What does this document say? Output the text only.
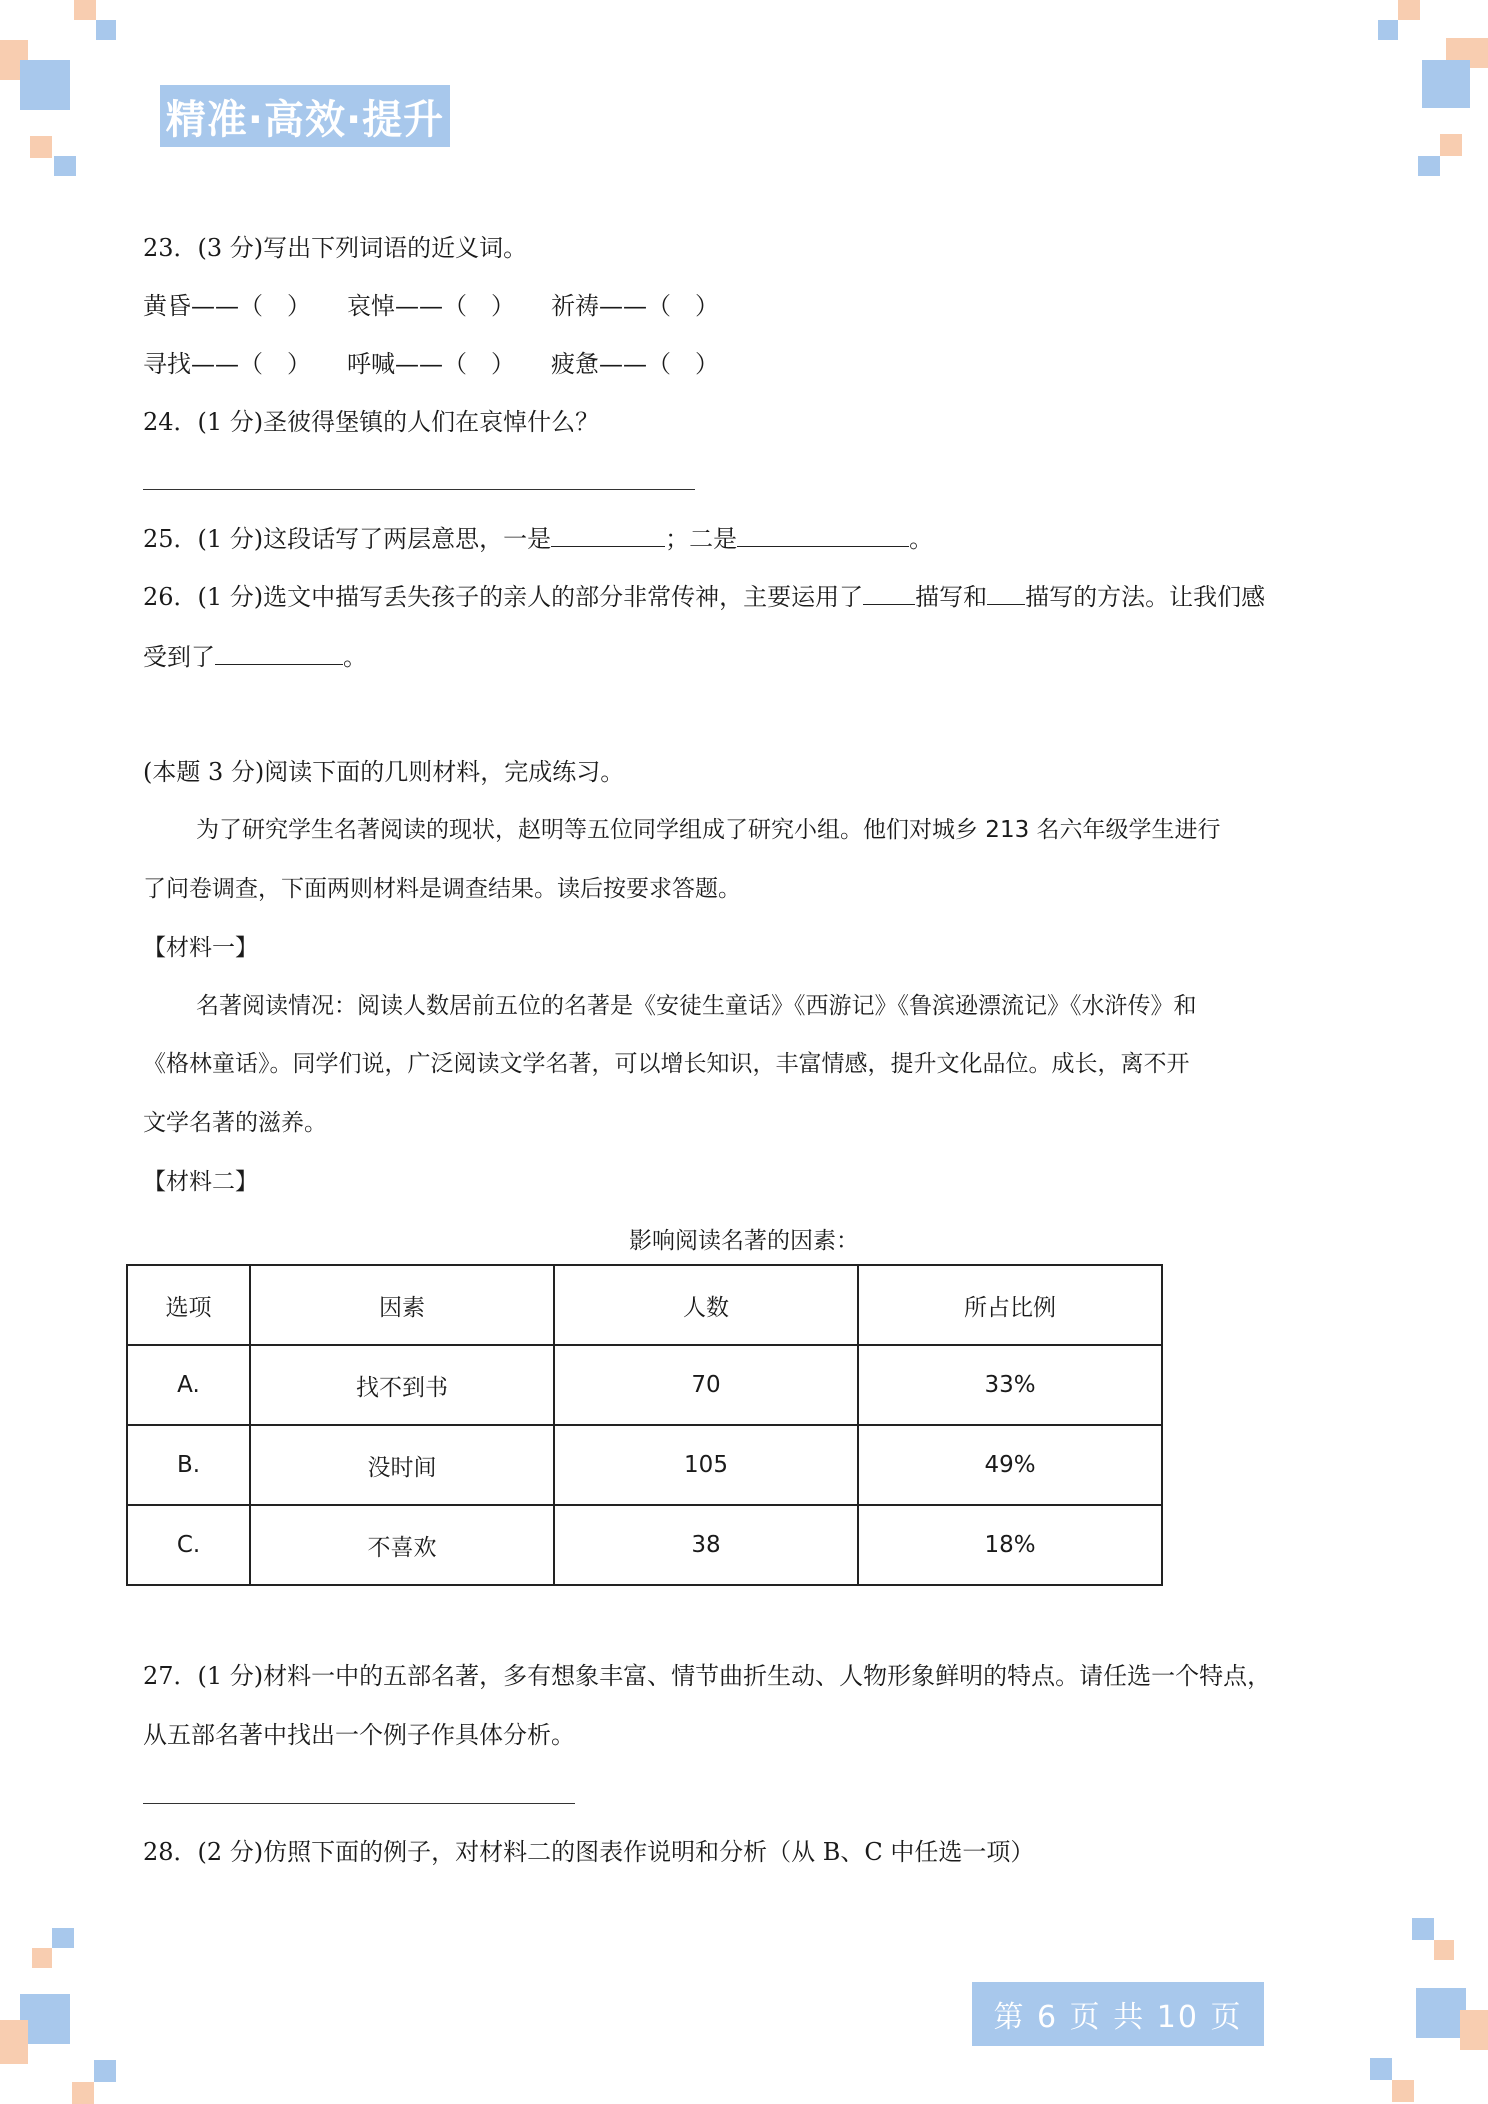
精准·高效·提升
23．(3 分)写出下列词语的近义词。
黄昏——（　）　　哀悼——（　）　　祈祷——（　）
寻找——（　）　　呼喊——（　）　　疲惫——（　）
24．(1 分)圣彼得堡镇的人们在哀悼什么？
25．(1 分)这段话写了两层意思，一是	；二是	。
26．(1 分)选文中描写丢失孩子的亲人的部分非常传神，主要运用了 描写和 描写的方法。让我们感
受到了	。
(本题 3 分)阅读下面的几则材料，完成练习。
为了研究学生名著阅读的现状，赵明等五位同学组成了研究小组。他们对城乡 213 名六年级学生进行
了问卷调查，下面两则材料是调查结果。读后按要求答题。
【材料一】
名著阅读情况：阅读人数居前五位的名著是《安徒生童话》《西游记》《鲁滨逊漂流记》《水浒传》和
《格林童话》。同学们说，广泛阅读文学名著，可以增长知识，丰富情感，提升文化品位。成长，离不开
文学名著的滋养。
【材料二】
影响阅读名著的因素：
选项	因素	人数	所占比例
A.	找不到书	70	33%
B.	没时间	105	49%
C.	不喜欢	38	18%
27．(1 分)材料一中的五部名著，多有想象丰富、情节曲折生动、人物形象鲜明的特点。请任选一个特点，
从五部名著中找出一个例子作具体分析。
28．(2 分)仿照下面的例子，对材料二的图表作说明和分析（从 B、C 中任选一项）
第 6 页 共 10 页
